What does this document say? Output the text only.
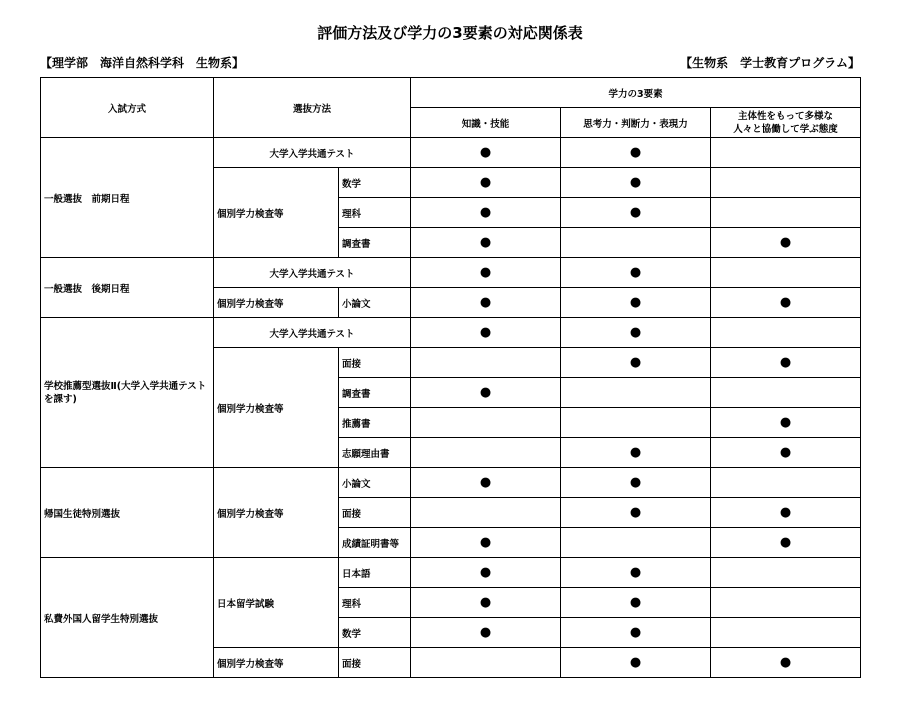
評価方法及び学力の3要素の対応関係表
【理学部　海洋自然科学科　生物系】	【生物系　学士教育プログラム】
入試方式	選抜方法		学力の3要素		
			知識・技能	思考力・判断力・表現力	主体性をもって多様な
人々と協働して学ぶ態度

一般選抜　前期日程	大学入学共通テスト		●	●	
	個別学力検査等	数学	●	●	
		理科	●	●	
		調査書	●		●
一般選抜　後期日程	大学入学共通テスト		●	●	
	個別学力検査等	小論文	●	●	●
学校推薦型選抜Ⅱ(大学入学共通テストを課す)	大学入学共通テスト		●	●	
	個別学力検査等	面接		●	●
		調査書	●		
		推薦書			●
		志願理由書		●	●
帰国生徒特別選抜	個別学力検査等	小論文	●	●	
		面接		●	●
		成績証明書等	●		●
私費外国人留学生特別選抜	日本留学試験	日本語	●	●	
		理科	●	●	
		数学	●	●	
	個別学力検査等	面接		●	●
